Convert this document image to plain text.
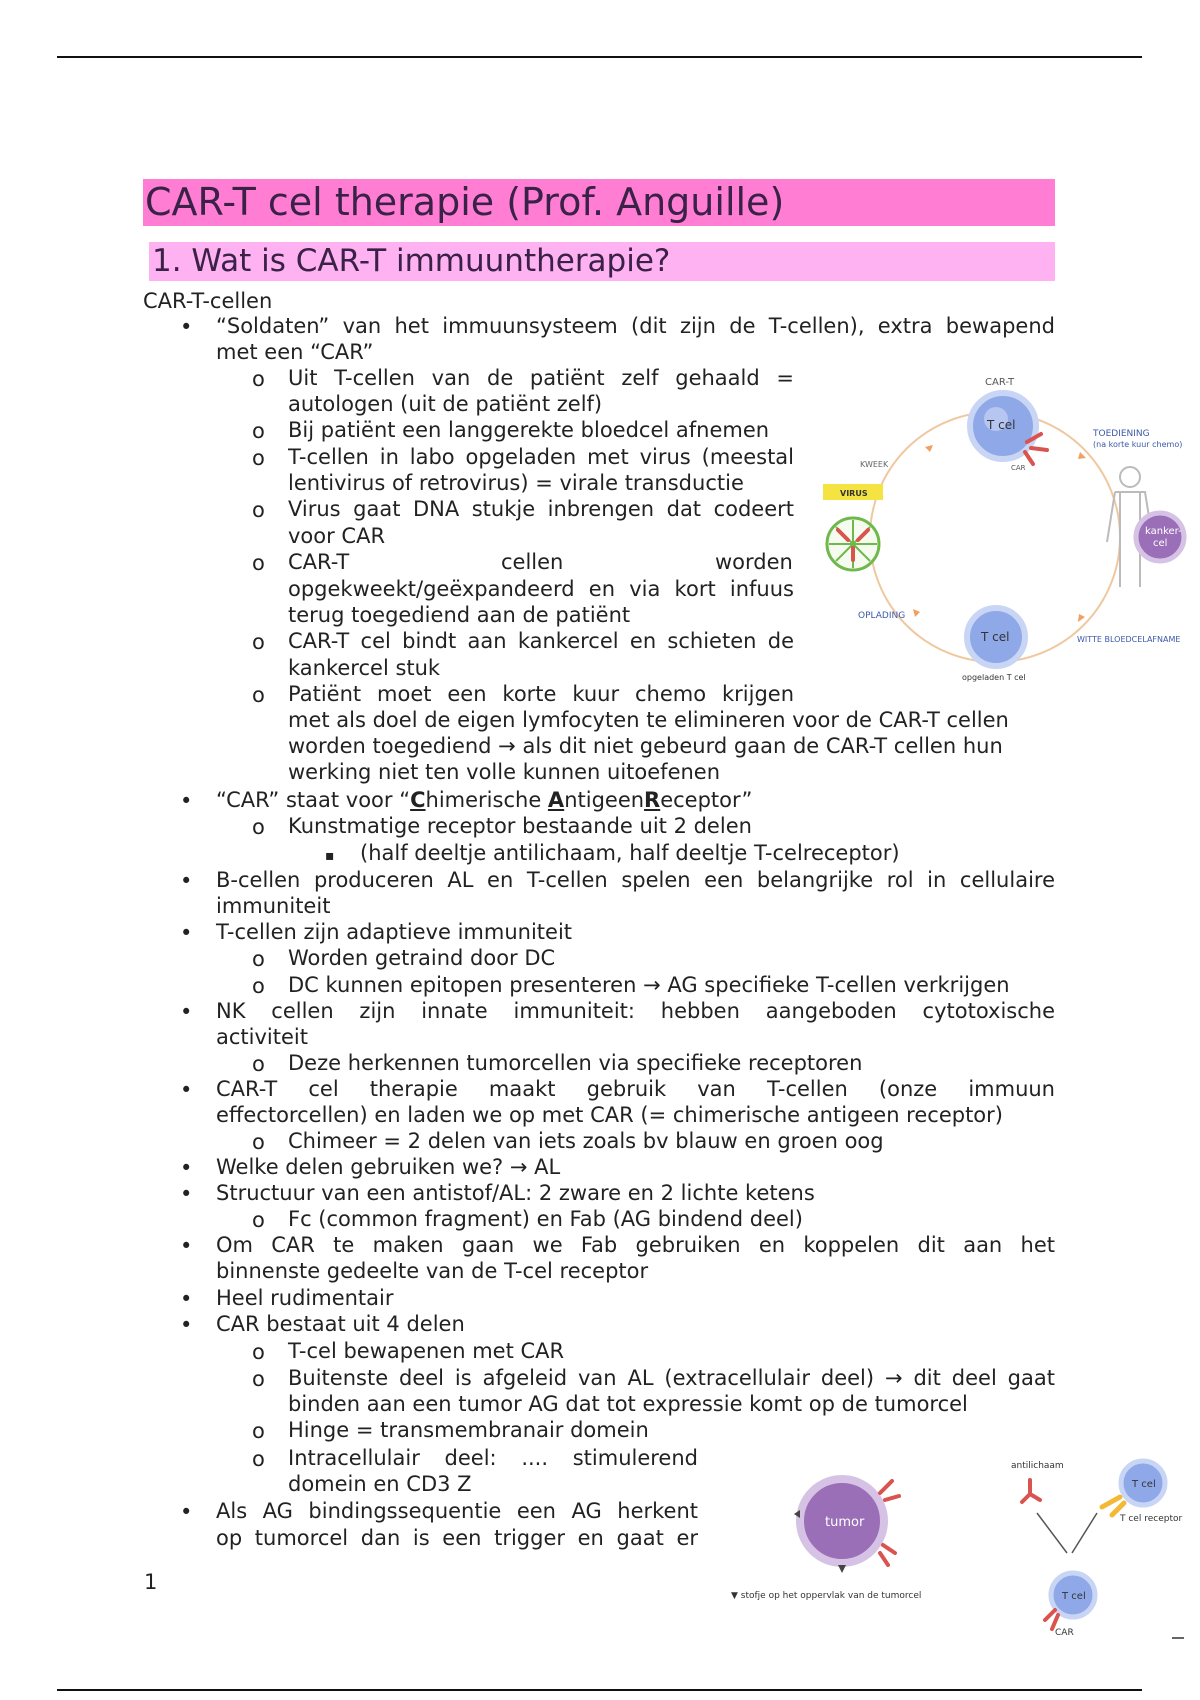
CAR-T cel therapie (Prof. Anguille)
1. Wat is CAR-T immuuntherapie?
CAR-T-cellen
•
“Soldaten” van het immuunsysteem (dit zijn de T-cellen), extra bewapend
met een “CAR”
o
Uit T-cellen van de patiënt zelf gehaald =
autologen (uit de patiënt zelf)
o
Bij patiënt een langgerekte bloedcel afnemen
o
T-cellen in labo opgeladen met virus (meestal
lentivirus of retrovirus) = virale transductie
o
Virus gaat DNA stukje inbrengen dat codeert
voor CAR
o
CAR-T	cellen	worden
opgekweekt/geëxpandeerd en via kort infuus
terug toegediend aan de patiënt
o
CAR-T cel bindt aan kankercel en schieten de
kankercel stuk
o
Patiënt moet een korte kuur chemo krijgen
met als doel de eigen lymfocyten te elimineren voor de CAR-T cellen
worden toegediend → als dit niet gebeurd gaan de CAR-T cellen hun
werking niet ten volle kunnen uitoefenen
•
“CAR” staat voor “Chimerische AntigeenReceptor”
o
Kunstmatige receptor bestaande uit 2 delen
▪
(half deeltje antilichaam, half deeltje T-celreceptor)
•
B-cellen produceren AL en T-cellen spelen een belangrijke rol in cellulaire
immuniteit
•
T-cellen zijn adaptieve immuniteit
o
Worden getraind door DC
o
DC kunnen epitopen presenteren → AG specifieke T-cellen verkrijgen
•
NK cellen zijn innate immuniteit: hebben aangeboden cytotoxische
activiteit
o
Deze herkennen tumorcellen via specifieke receptoren
•
CAR-T cel therapie maakt gebruik van T-cellen (onze immuun
effectorcellen) en laden we op met CAR (= chimerische antigeen receptor)
o
Chimeer = 2 delen van iets zoals bv blauw en groen oog
•
Welke delen gebruiken we? → AL
•
Structuur van een antistof/AL: 2 zware en 2 lichte ketens
o
Fc (common fragment) en Fab (AG bindend deel)
•
Om CAR te maken gaan we Fab gebruiken en koppelen dit aan het
binnenste gedeelte van de T-cel receptor
•
Heel rudimentair
•
CAR bestaat uit 4 delen
o
T-cel bewapenen met CAR
o
Buitenste deel is afgeleid van AL (extracellulair deel) → dit deel gaat
binden aan een tumor AG dat tot expressie komt op de tumorcel
o
Hinge = transmembranair domein
o
Intracellulair deel: .... stimulerend
domein en CD3 Z
•
Als AG bindingssequentie een AG herkent
op tumorcel dan is een trigger en gaat er
1
CAR-T
T cel
CAR
KWEEK
VIRUS
TOEDIENING
(na korte kuur chemo)
kanker-
cel
OPLADING
T cel
opgeladen T cel
WITTE BLOEDCELAFNAME
tumor
▼ stofje op het oppervlak van de tumorcel
antilichaam
T cel
T cel receptor
T cel
CAR
